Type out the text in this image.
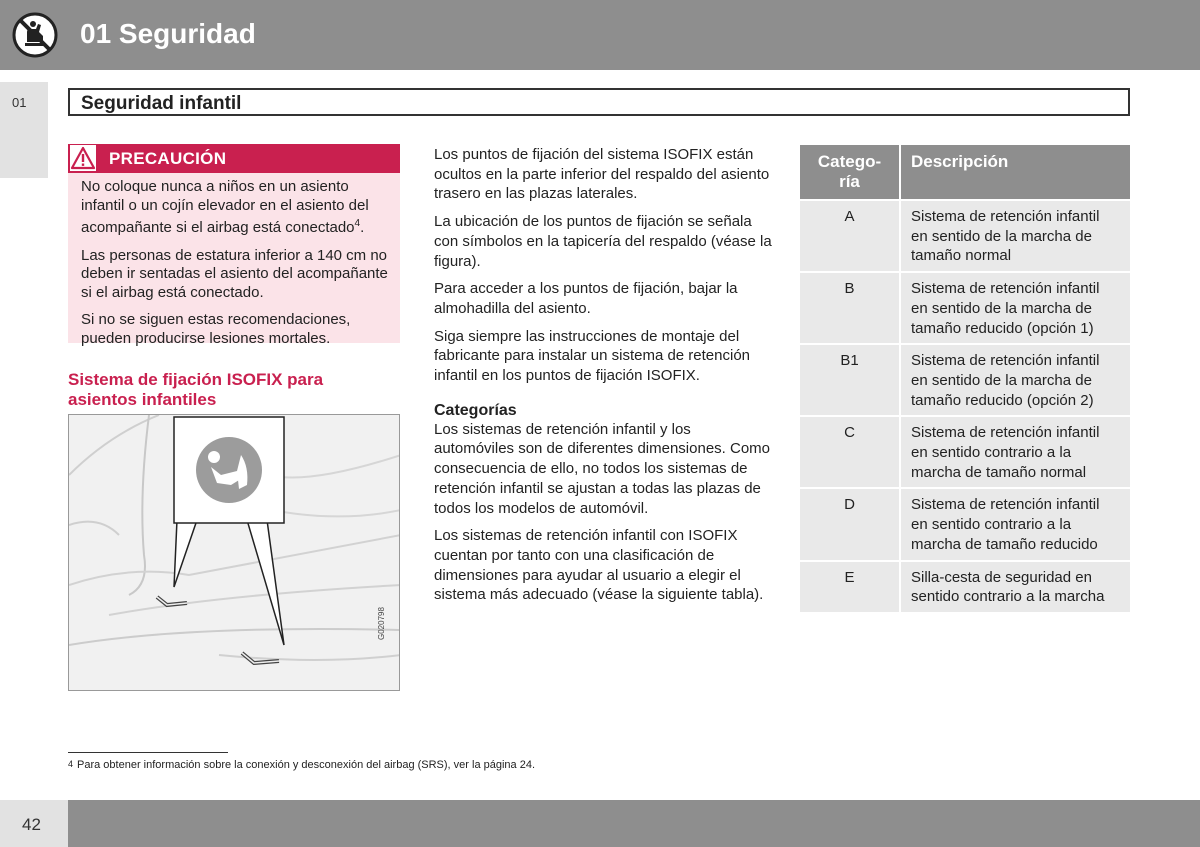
01 Seguridad
01	Seguridad infantil
PRECAUCIÓN

No coloque nunca a niños en un asiento infantil o un cojín elevador en el asiento del acompañante si el airbag está conectado$^4$.

Las personas de estatura inferior a 140 cm no deben ir sentadas el asiento del acompañante si el airbag está conectado.

Si no se siguen estas recomendaciones, pueden producirse lesiones mortales.

Sistema de fijación ISOFIX para asientos infantiles
G020798

Los puntos de fijación del sistema ISOFIX están ocultos en la parte inferior del respaldo del asiento trasero en las plazas laterales.

La ubicación de los puntos de fijación se señala con símbolos en la tapicería del respaldo (véase la figura).

Para acceder a los puntos de fijación, bajar la almohadilla del asiento.

Siga siempre las instrucciones de montaje del fabricante para instalar un sistema de retención infantil en los puntos de fijación ISOFIX.

Categorías

Los sistemas de retención infantil y los automóviles son de diferentes dimensiones. Como consecuencia de ello, no todos los sistemas de retención infantil se ajustan a todas las plazas de todos los modelos de automóvil.

Los sistemas de retención infantil con ISOFIX cuentan por tanto con una clasificación de dimensiones para ayudar al usuario a elegir el sistema más adecuado (véase la siguiente tabla).

Catego-ría	Descripción
A	Sistema de retención infantil en sentido de la marcha de tamaño normal
B	Sistema de retención infantil en sentido de la marcha de tamaño reducido (opción 1)
B1	Sistema de retención infantil en sentido de la marcha de tamaño reducido (opción 2)
C	Sistema de retención infantil en sentido contrario a la marcha de tamaño normal
D	Sistema de retención infantil en sentido contrario a la marcha de tamaño reducido
E	Silla-cesta de seguridad en sentido contrario a la marcha
$^4$ Para obtener información sobre la conexión y desconexión del airbag (SRS), ver la página 24.
42
